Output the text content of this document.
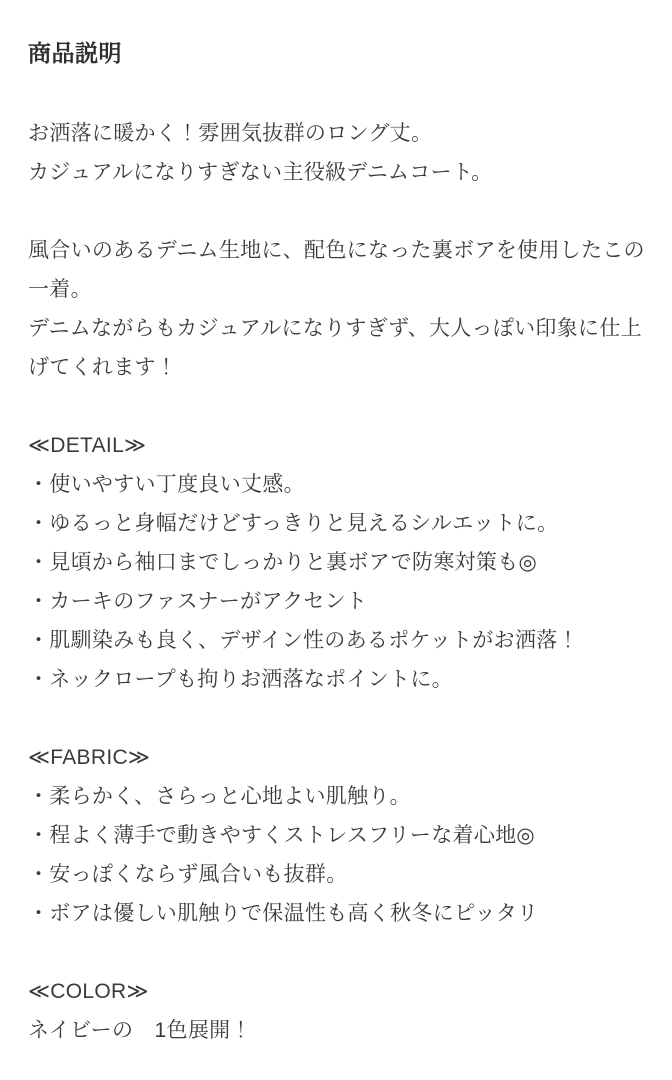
商品説明
お洒落に暖かく！雰囲気抜群のロング丈。
カジュアルになりすぎない主役級デニムコート。
風合いのあるデニム生地に、配色になった裏ボアを使用したこの
一着。
デニムながらもカジュアルになりすぎず、大人っぽい印象に仕上
げてくれます！
≪DETAIL≫
・使いやすい丁度良い丈感。
・ゆるっと身幅だけどすっきりと見えるシルエットに。
・見頃から袖口までしっかりと裏ボアで防寒対策も◎
・カーキのファスナーがアクセント
・肌馴染みも良く、デザイン性のあるポケットがお洒落！
・ネックロープも拘りお洒落なポイントに。
≪FABRIC≫
・柔らかく、さらっと心地よい肌触り。
・程よく薄手で動きやすくストレスフリーな着心地◎
・安っぽくならず風合いも抜群。
・ボアは優しい肌触りで保温性も高く秋冬にピッタリ
≪COLOR≫
ネイビーの　1色展開！
